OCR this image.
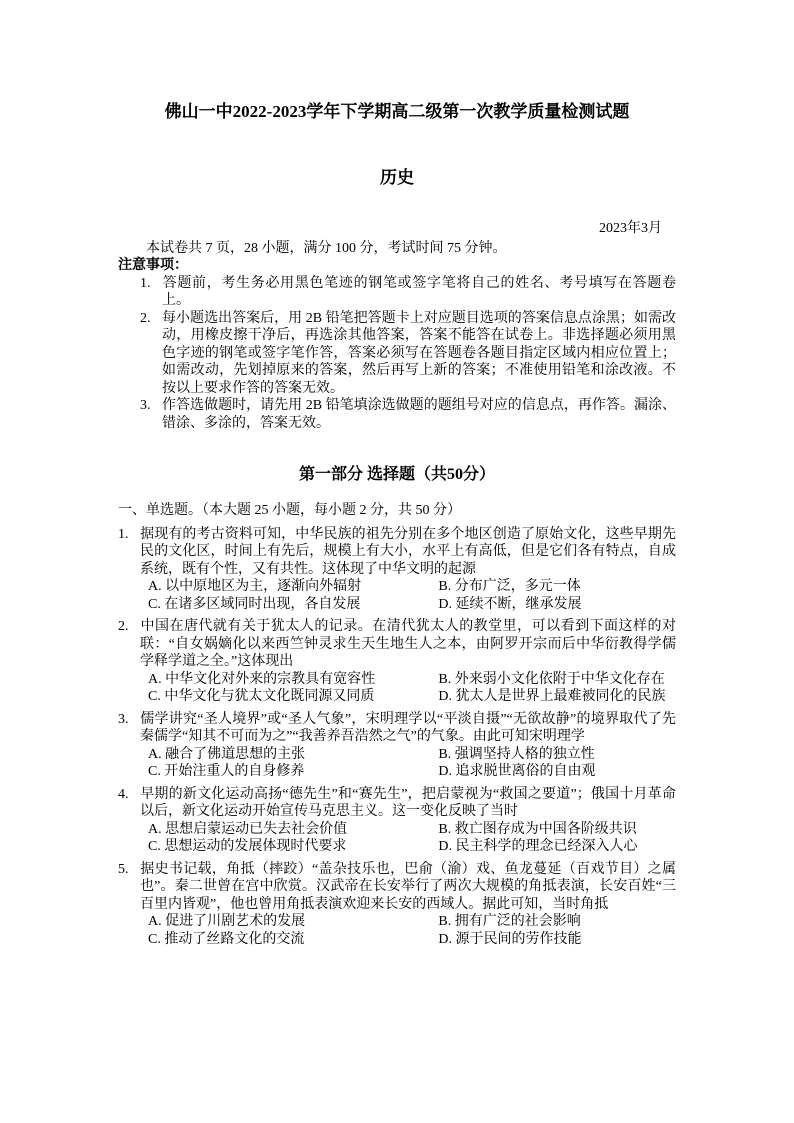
佛山一中2022-2023学年下学期高二级第一次教学质量检测试题
历史
2023年3月
本试卷共 7 页，28 小题，满分 100 分，考试时间 75 分钟。
注意事项：
1. 答题前，考生务必用黑色笔迹的钢笔或签字笔将自己的姓名、考号填写在答题卷上。
2. 每小题选出答案后，用 2B 铅笔把答题卡上对应题目选项的答案信息点涂黑；如需改动，用橡皮擦干净后，再选涂其他答案，答案不能答在试卷上。非选择题必须用黑色字迹的钢笔或签字笔作答，答案必须写在答题卷各题目指定区域内相应位置上；如需改动，先划掉原来的答案，然后再写上新的答案；不准使用铅笔和涂改液。不按以上要求作答的答案无效。
3. 作答选做题时，请先用 2B 铅笔填涂选做题的题组号对应的信息点，再作答。漏涂、错涂、多涂的，答案无效。
第一部分 选择题（共50分）
一、单选题。（本大题 25 小题，每小题 2 分，共 50 分）
1. 据现有的考古资料可知，中华民族的祖先分别在多个地区创造了原始文化，这些早期先民的文化区，时间上有先后，规模上有大小，水平上有高低，但是它们各有特点，自成系统，既有个性，又有共性。这体现了中华文明的起源
A. 以中原地区为主，逐渐向外辐射	B. 分布广泛，多元一体
C. 在诸多区域同时出现，各自发展	D. 延续不断，继承发展
2. 中国在唐代就有关于犹太人的记录。在清代犹太人的教堂里，可以看到下面这样的对联：“自女娲嫡化以来西竺钟灵求生天生地生人之本，由阿罗开宗而后中华衍教得学儒学释学道之全。”这体现出
A. 中华文化对外来的宗教具有宽容性	B. 外来弱小文化依附于中华文化存在
C. 中华文化与犹太文化既同源又同质	D. 犹太人是世界上最难被同化的民族
3. 儒学讲究“圣人境界”或“圣人气象”，宋明理学以“平淡自摄”“无欲故静”的境界取代了先秦儒学“知其不可而为之”“我善养吾浩然之气”的气象。由此可知宋明理学
A. 融合了佛道思想的主张	B. 强调坚持人格的独立性
C. 开始注重人的自身修养	D. 追求脱世离俗的自由观
4. 早期的新文化运动高扬“德先生”和“赛先生”，把启蒙视为“救国之要道”；俄国十月革命以后，新文化运动开始宣传马克思主义。这一变化反映了当时
A. 思想启蒙运动已失去社会价值	B. 救亡图存成为中国各阶级共识
C. 思想运动的发展体现时代要求	D. 民主科学的理念已经深入人心
5. 据史书记载，角抵（摔跤）“盖杂技乐也，巴俞（渝）戏、鱼龙蔓延（百戏节目）之属也”。秦二世曾在宫中欣赏。汉武帝在长安举行了两次大规模的角抵表演，长安百姓“三百里内皆观”，他也曾用角抵表演欢迎来长安的西域人。据此可知，当时角抵
A. 促进了川剧艺术的发展	B. 拥有广泛的社会影响
C. 推动了丝路文化的交流	D. 源于民间的劳作技能
